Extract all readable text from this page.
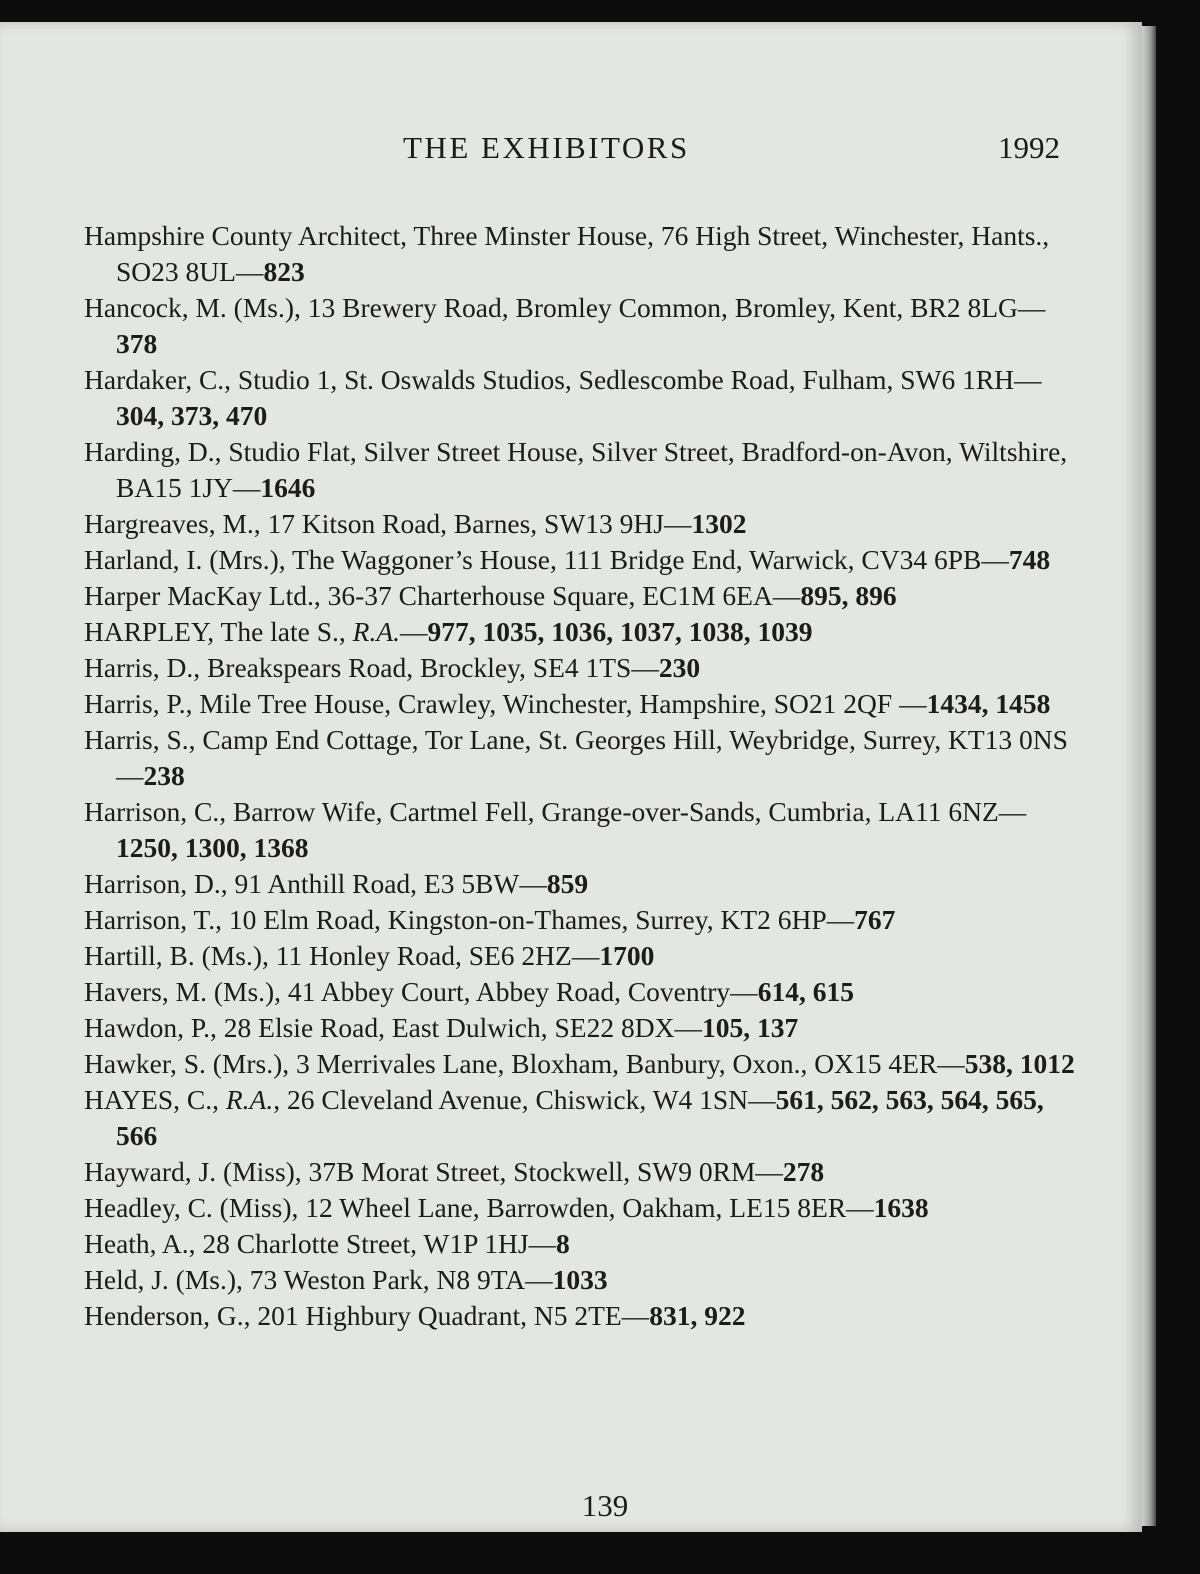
THE EXHIBITORS	1992
Hampshire County Architect, Three Minster House, 76 High Street, Winchester, Hants., SO23 8UL—823
Hancock, M. (Ms.), 13 Brewery Road, Bromley Common, Bromley, Kent, BR2 8LG—378
Hardaker, C., Studio 1, St. Oswalds Studios, Sedlescombe Road, Fulham, SW6 1RH—304, 373, 470
Harding, D., Studio Flat, Silver Street House, Silver Street, Bradford-on-Avon, Wiltshire, BA15 1JY—1646
Hargreaves, M., 17 Kitson Road, Barnes, SW13 9HJ—1302
Harland, I. (Mrs.), The Waggoner’s House, 111 Bridge End, Warwick, CV34 6PB—748
Harper MacKay Ltd., 36-37 Charterhouse Square, EC1M 6EA—895, 896
HARPLEY, The late S., R.A.—977, 1035, 1036, 1037, 1038, 1039
Harris, D., Breakspears Road, Brockley, SE4 1TS—230
Harris, P., Mile Tree House, Crawley, Winchester, Hampshire, SO21 2QF —1434, 1458
Harris, S., Camp End Cottage, Tor Lane, St. Georges Hill, Weybridge, Surrey, KT13 0NS—238
Harrison, C., Barrow Wife, Cartmel Fell, Grange-over-Sands, Cumbria, LA11 6NZ—1250, 1300, 1368
Harrison, D., 91 Anthill Road, E3 5BW—859
Harrison, T., 10 Elm Road, Kingston-on-Thames, Surrey, KT2 6HP—767
Hartill, B. (Ms.), 11 Honley Road, SE6 2HZ—1700
Havers, M. (Ms.), 41 Abbey Court, Abbey Road, Coventry—614, 615
Hawdon, P., 28 Elsie Road, East Dulwich, SE22 8DX—105, 137
Hawker, S. (Mrs.), 3 Merrivales Lane, Bloxham, Banbury, Oxon., OX15 4ER—538, 1012
HAYES, C., R.A., 26 Cleveland Avenue, Chiswick, W4 1SN—561, 562, 563, 564, 565, 566
Hayward, J. (Miss), 37B Morat Street, Stockwell, SW9 0RM—278
Headley, C. (Miss), 12 Wheel Lane, Barrowden, Oakham, LE15 8ER—1638
Heath, A., 28 Charlotte Street, W1P 1HJ—8
Held, J. (Ms.), 73 Weston Park, N8 9TA—1033
Henderson, G., 201 Highbury Quadrant, N5 2TE—831, 922
139
